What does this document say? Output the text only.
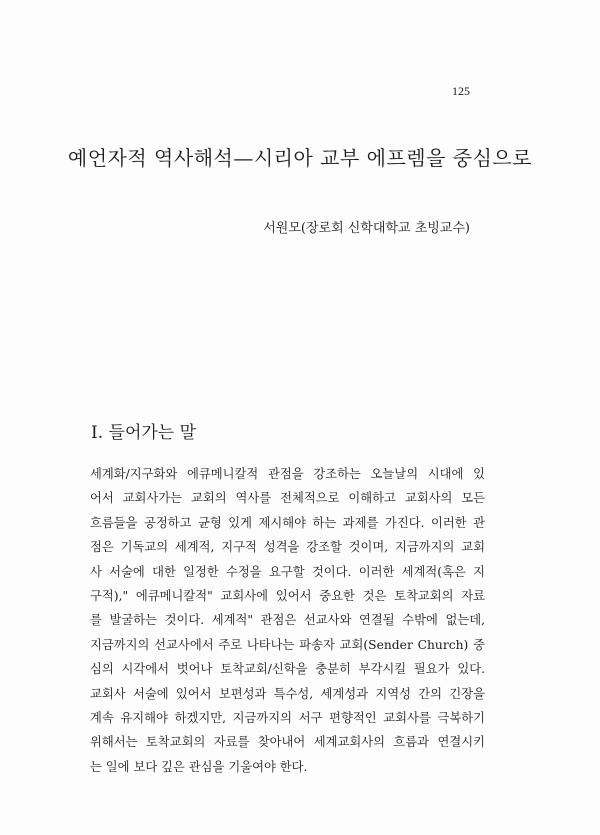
125
예언자적 역사해석—시리아 교부 에프렘을 중심으로
서원모(장로회 신학대학교 초빙교수)
I. 들어가는 말
세계화/지구화와 에큐메니칼적 관점을 강조하는 오늘날의 시대에 있
어서 교회사가는 교회의 역사를 전체적으로 이해하고 교회사의 모든
흐름들을 공정하고 균형 있게 제시해야 하는 과제를 가진다. 이러한 관
점은 기독교의 세계적, 지구적 성격을 강조할 것이며, 지금까지의 교회
사 서술에 대한 일정한 수정을 요구할 것이다. 이러한 세계적(혹은 지
구적)," 에큐메니칼적" 교회사에 있어서 중요한 것은 토착교회의 자료
를 발굴하는 것이다. 세계적" 관점은 선교사와 연결될 수밖에 없는데,
지금까지의 선교사에서 주로 나타나는 파송자 교회(Sender Church) 중
심의 시각에서 벗어나 토착교회/신학을 충분히 부각시킬 필요가 있다.
교회사 서술에 있어서 보편성과 특수성, 세계성과 지역성 간의 긴장을
계속 유지해야 하겠지만, 지금까지의 서구 편향적인 교회사를 극복하기
위해서는 토착교회의 자료를 찾아내어 세계교회사의 흐름과 연결시키
는 일에 보다 깊은 관심을 기울여야 한다.
